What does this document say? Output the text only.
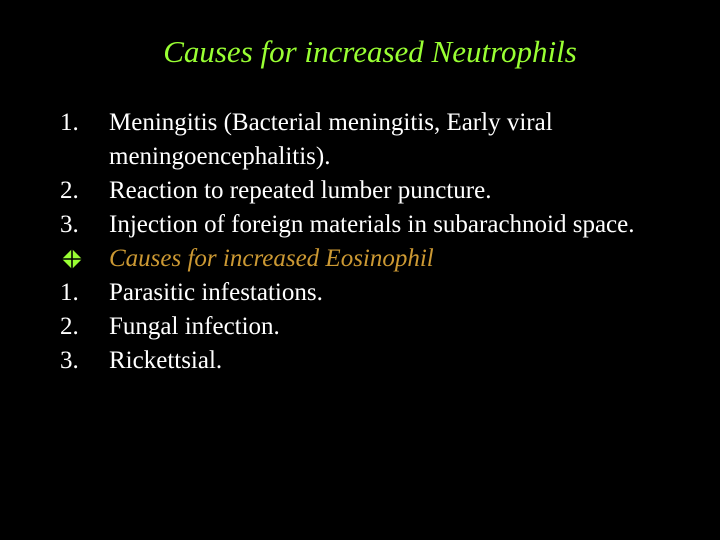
Causes for increased Neutrophils
1.	Meningitis (Bacterial meningitis, Early viral meningoencephalitis).
2.	Reaction to repeated lumber puncture.
3.	Injection of foreign materials in subarachnoid space.
Causes for increased Eosinophil
1.	Parasitic infestations.
2.	Fungal infection.
3.	Rickettsial.
